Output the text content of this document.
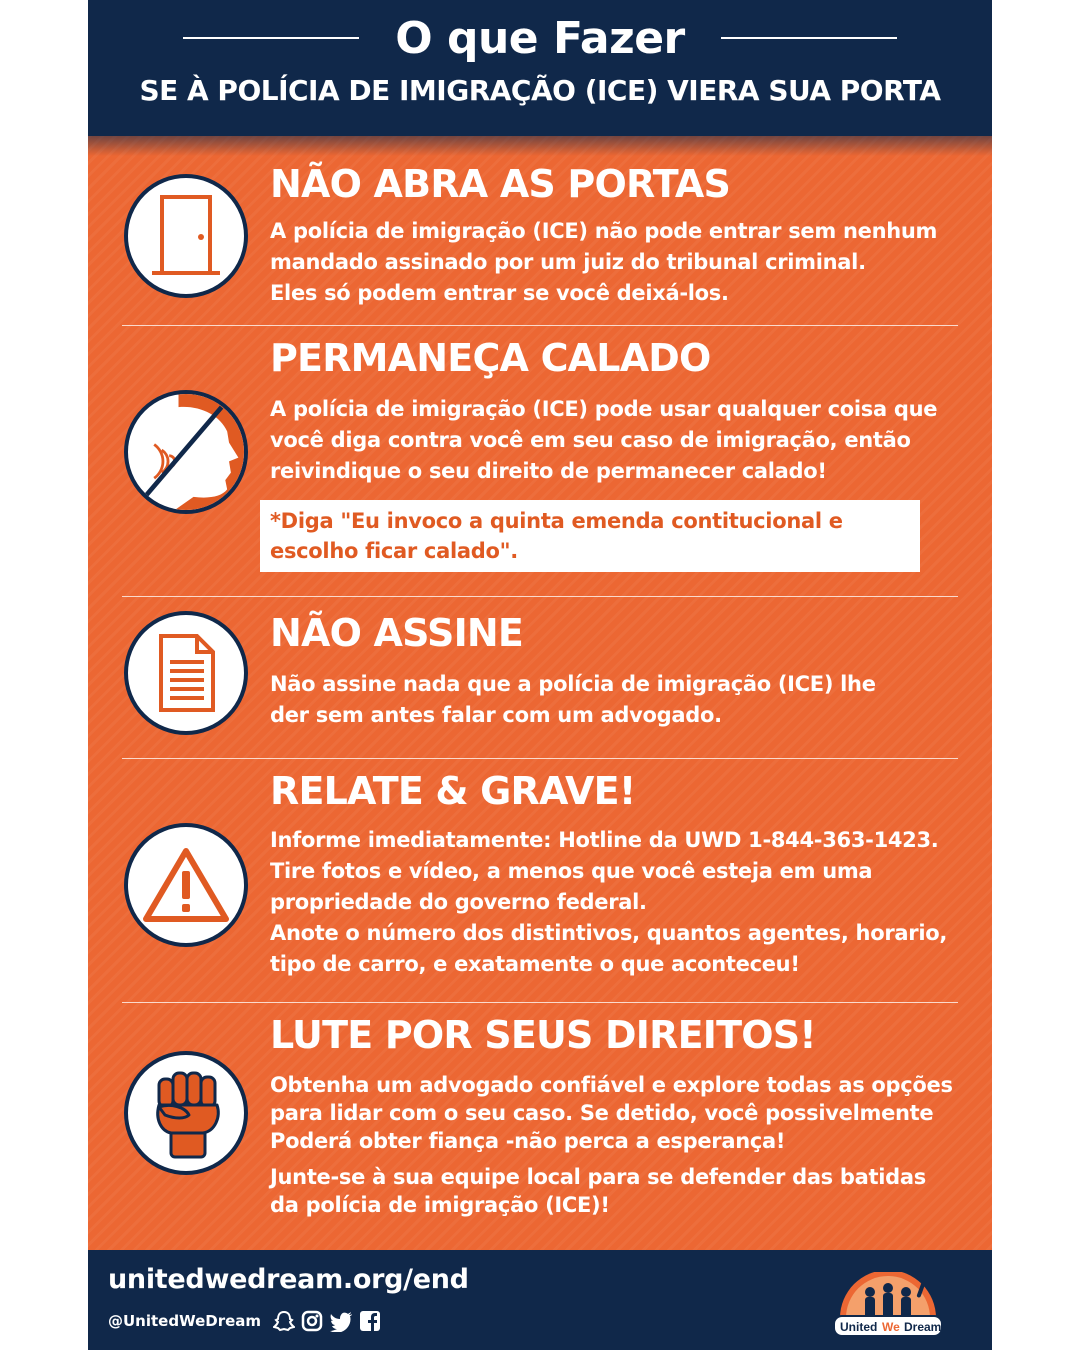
O que Fazer
SE À POLÍCIA DE IMIGRAÇÃO (ICE) VIERA SUA PORTA
NÃO ABRA AS PORTAS

A polícia de imigração (ICE) não pode entrar sem nenhum

mandado assinado por um juiz do tribunal criminal.

Eles só podem entrar se você deixá-los.

PERMANEÇA CALADO

A polícia de imigração (ICE) pode usar qualquer coisa que

você diga contra você em seu caso de imigração, então

reivindique o seu direito de permanecer calado!

*Diga "Eu invoco a quinta emenda contitucional e

escolho ficar calado".

NÃO ASSINE

Não assine nada que a polícia de imigração (ICE) lhe

der sem antes falar com um advogado.

RELATE & GRAVE!

Informe imediatamente: Hotline da UWD 1-844-363-1423.

Tire fotos e vídeo, a menos que você esteja em uma

propriedade do governo federal.

Anote o número dos distintivos, quantos agentes, horario,

tipo de carro, e exatamente o que aconteceu!

LUTE POR SEUS DIREITOS!

Obtenha um advogado confiável e explore todas as opções

para lidar com o seu caso. Se detido, você possivelmente

Poderá obter fiança -não perca a esperança!

Junte-se à sua equipe local para se defender das batidas

da polícia de imigração (ICE)!

unitedwedream.org/end
@UnitedWeDream	United We Dream
